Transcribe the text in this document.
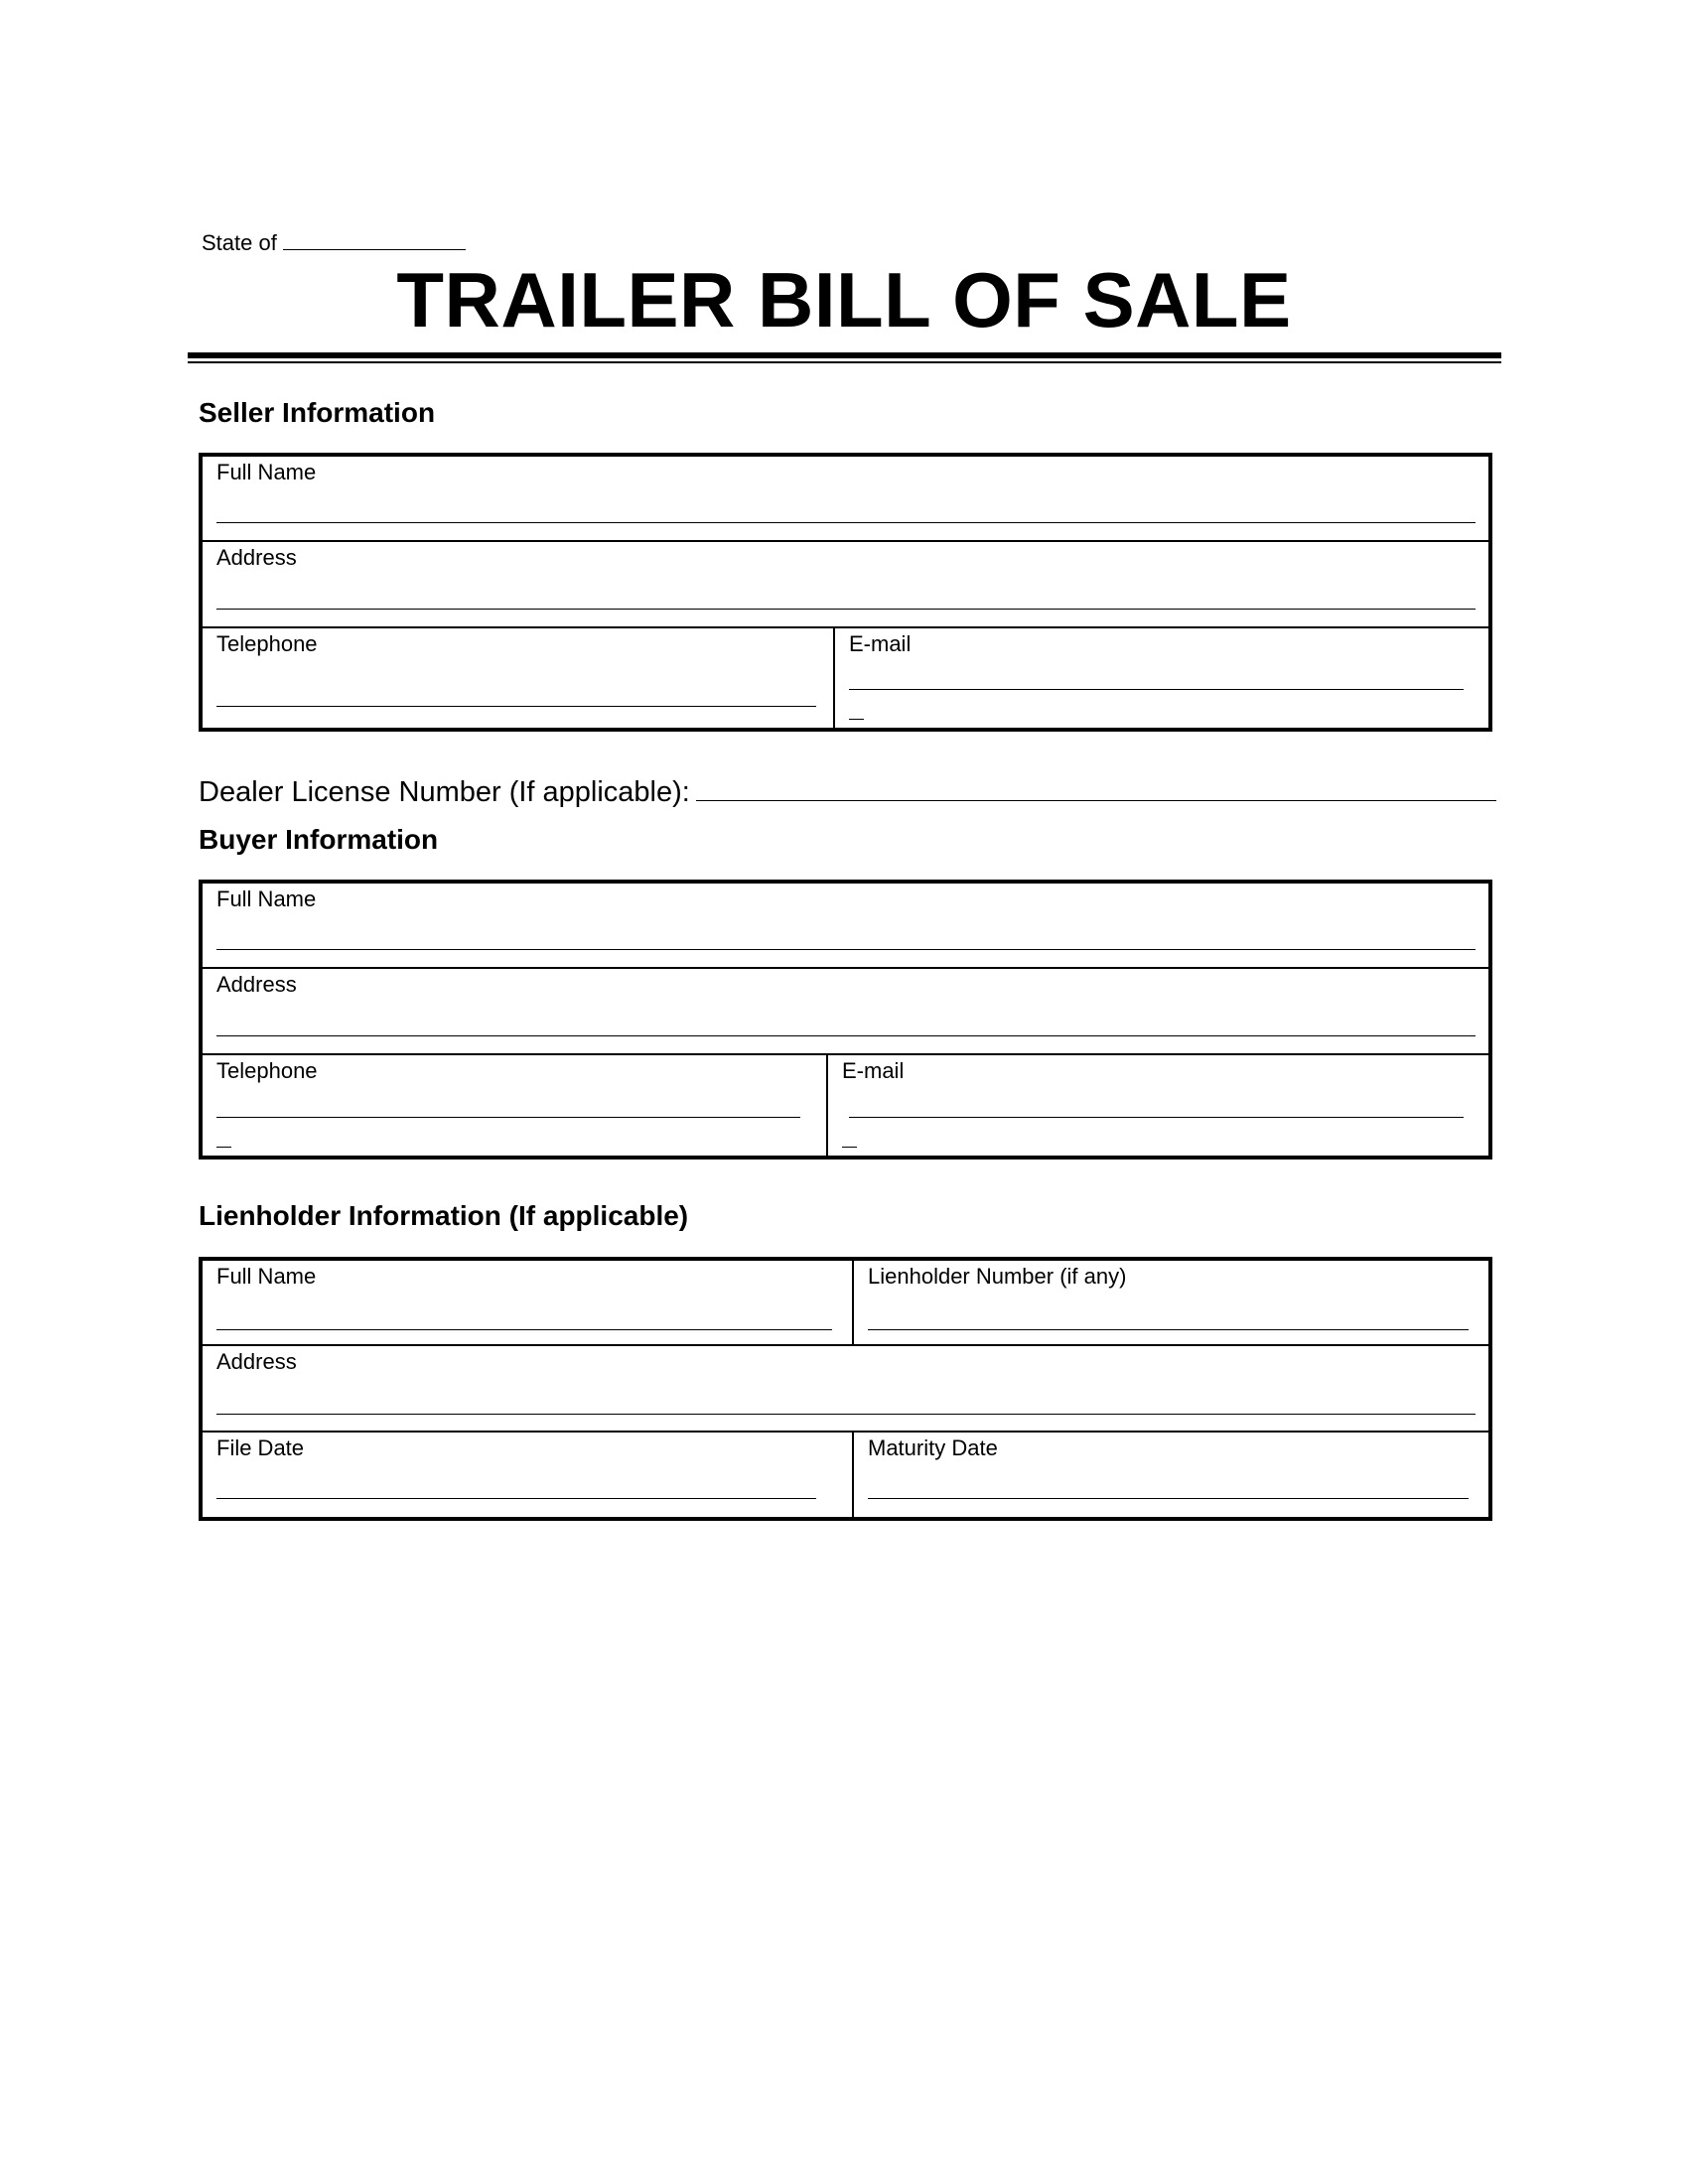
State of
TRAILER BILL OF SALE
Seller Information
Full Name
Address
Telephone	E-mail
Dealer License Number (If applicable):
Buyer Information
Full Name
Address
Telephone	E-mail
Lienholder Information (If applicable)
Full Name	Lienholder Number (if any)
Address
File Date	Maturity Date
